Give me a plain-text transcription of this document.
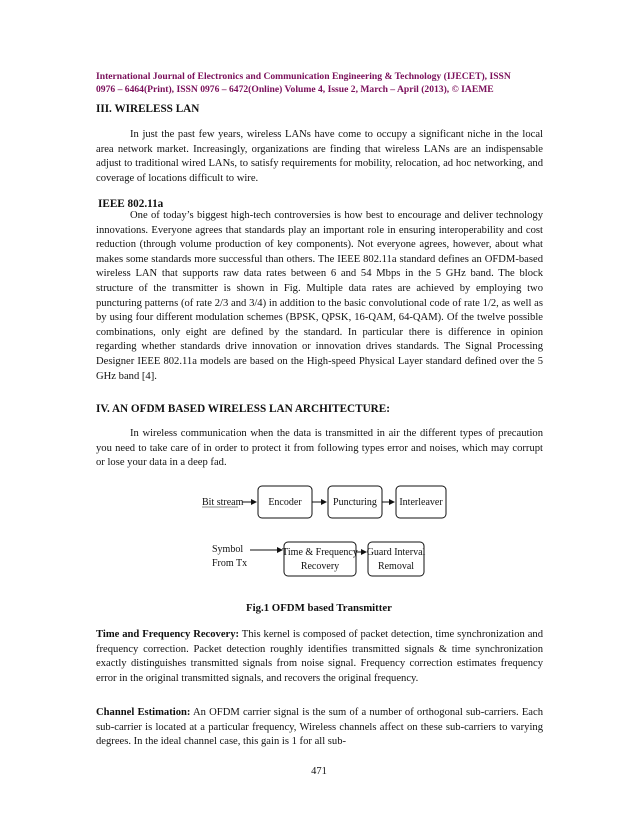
International Journal of Electronics and Communication Engineering & Technology (IJECET), ISSN
0976 – 6464(Print), ISSN 0976 – 6472(Online) Volume 4, Issue 2, March – April (2013), © IAEME
III. WIRELESS LAN

In just the past few years, wireless LANs have come to occupy a significant niche in the local area network market. Increasingly, organizations are finding that wireless LANs are an indispensable adjust to traditional wired LANs, to satisfy requirements for mobility, relocation, ad hoc networking, and coverage of locations difficult to wire.

IEEE 802.11a

One of today’s biggest high-tech controversies is how best to encourage and deliver technology innovations. Everyone agrees that standards play an important role in ensuring interoperability and cost reduction (through volume production of key components). Not everyone agrees, however, about what makes some standards more successful than others. The IEEE 802.11a standard defines an OFDM-based wireless LAN that supports raw data rates between 6 and 54 Mbps in the 5 GHz band. The block structure of the transmitter is shown in Fig. Multiple data rates are achieved by employing two puncturing patterns (of rate 2/3 and 3/4) in addition to the basic convolutional code of rate 1/2, as well as by using four different modulation schemes (BPSK, QPSK, 16-QAM, 64-QAM). Of the twelve possible combinations, only eight are defined by the standard. In particular there is difference in opinion regarding whether standards drive innovation or innovation drives standards. The Signal Processing Designer IEEE 802.11a models are based on the High-speed Physical Layer standard defined over the 5 GHz band [4].

IV. AN OFDM BASED WIRELESS LAN ARCHITECTURE:

In wireless communication when the data is transmitted in air the different types of precaution you need to take care of in order to protect it from following types error and noises, which may corrupt or lose your data in a deep fad.

Bit stream Encoder	Puncturing Interleaver
Symbol
From Tx
Time & Frequency
Recovery
Guard Interval
Removal
Fig.1 OFDM based Transmitter

Time and Frequency Recovery: This kernel is composed of packet detection, time synchronization and frequency correction. Packet detection roughly identifies transmitted signals & time synchronization exactly distinguishes transmitted signals from noise signal. Frequency correction estimates frequency error in the original transmitted signals, and recovers the original frequency.

Channel Estimation: An OFDM carrier signal is the sum of a number of orthogonal sub-carriers. Each sub-carrier is located at a particular frequency, Wireless channels affect on these sub-carriers to varying degrees. In the ideal channel case, this gain is 1 for all sub-

471
